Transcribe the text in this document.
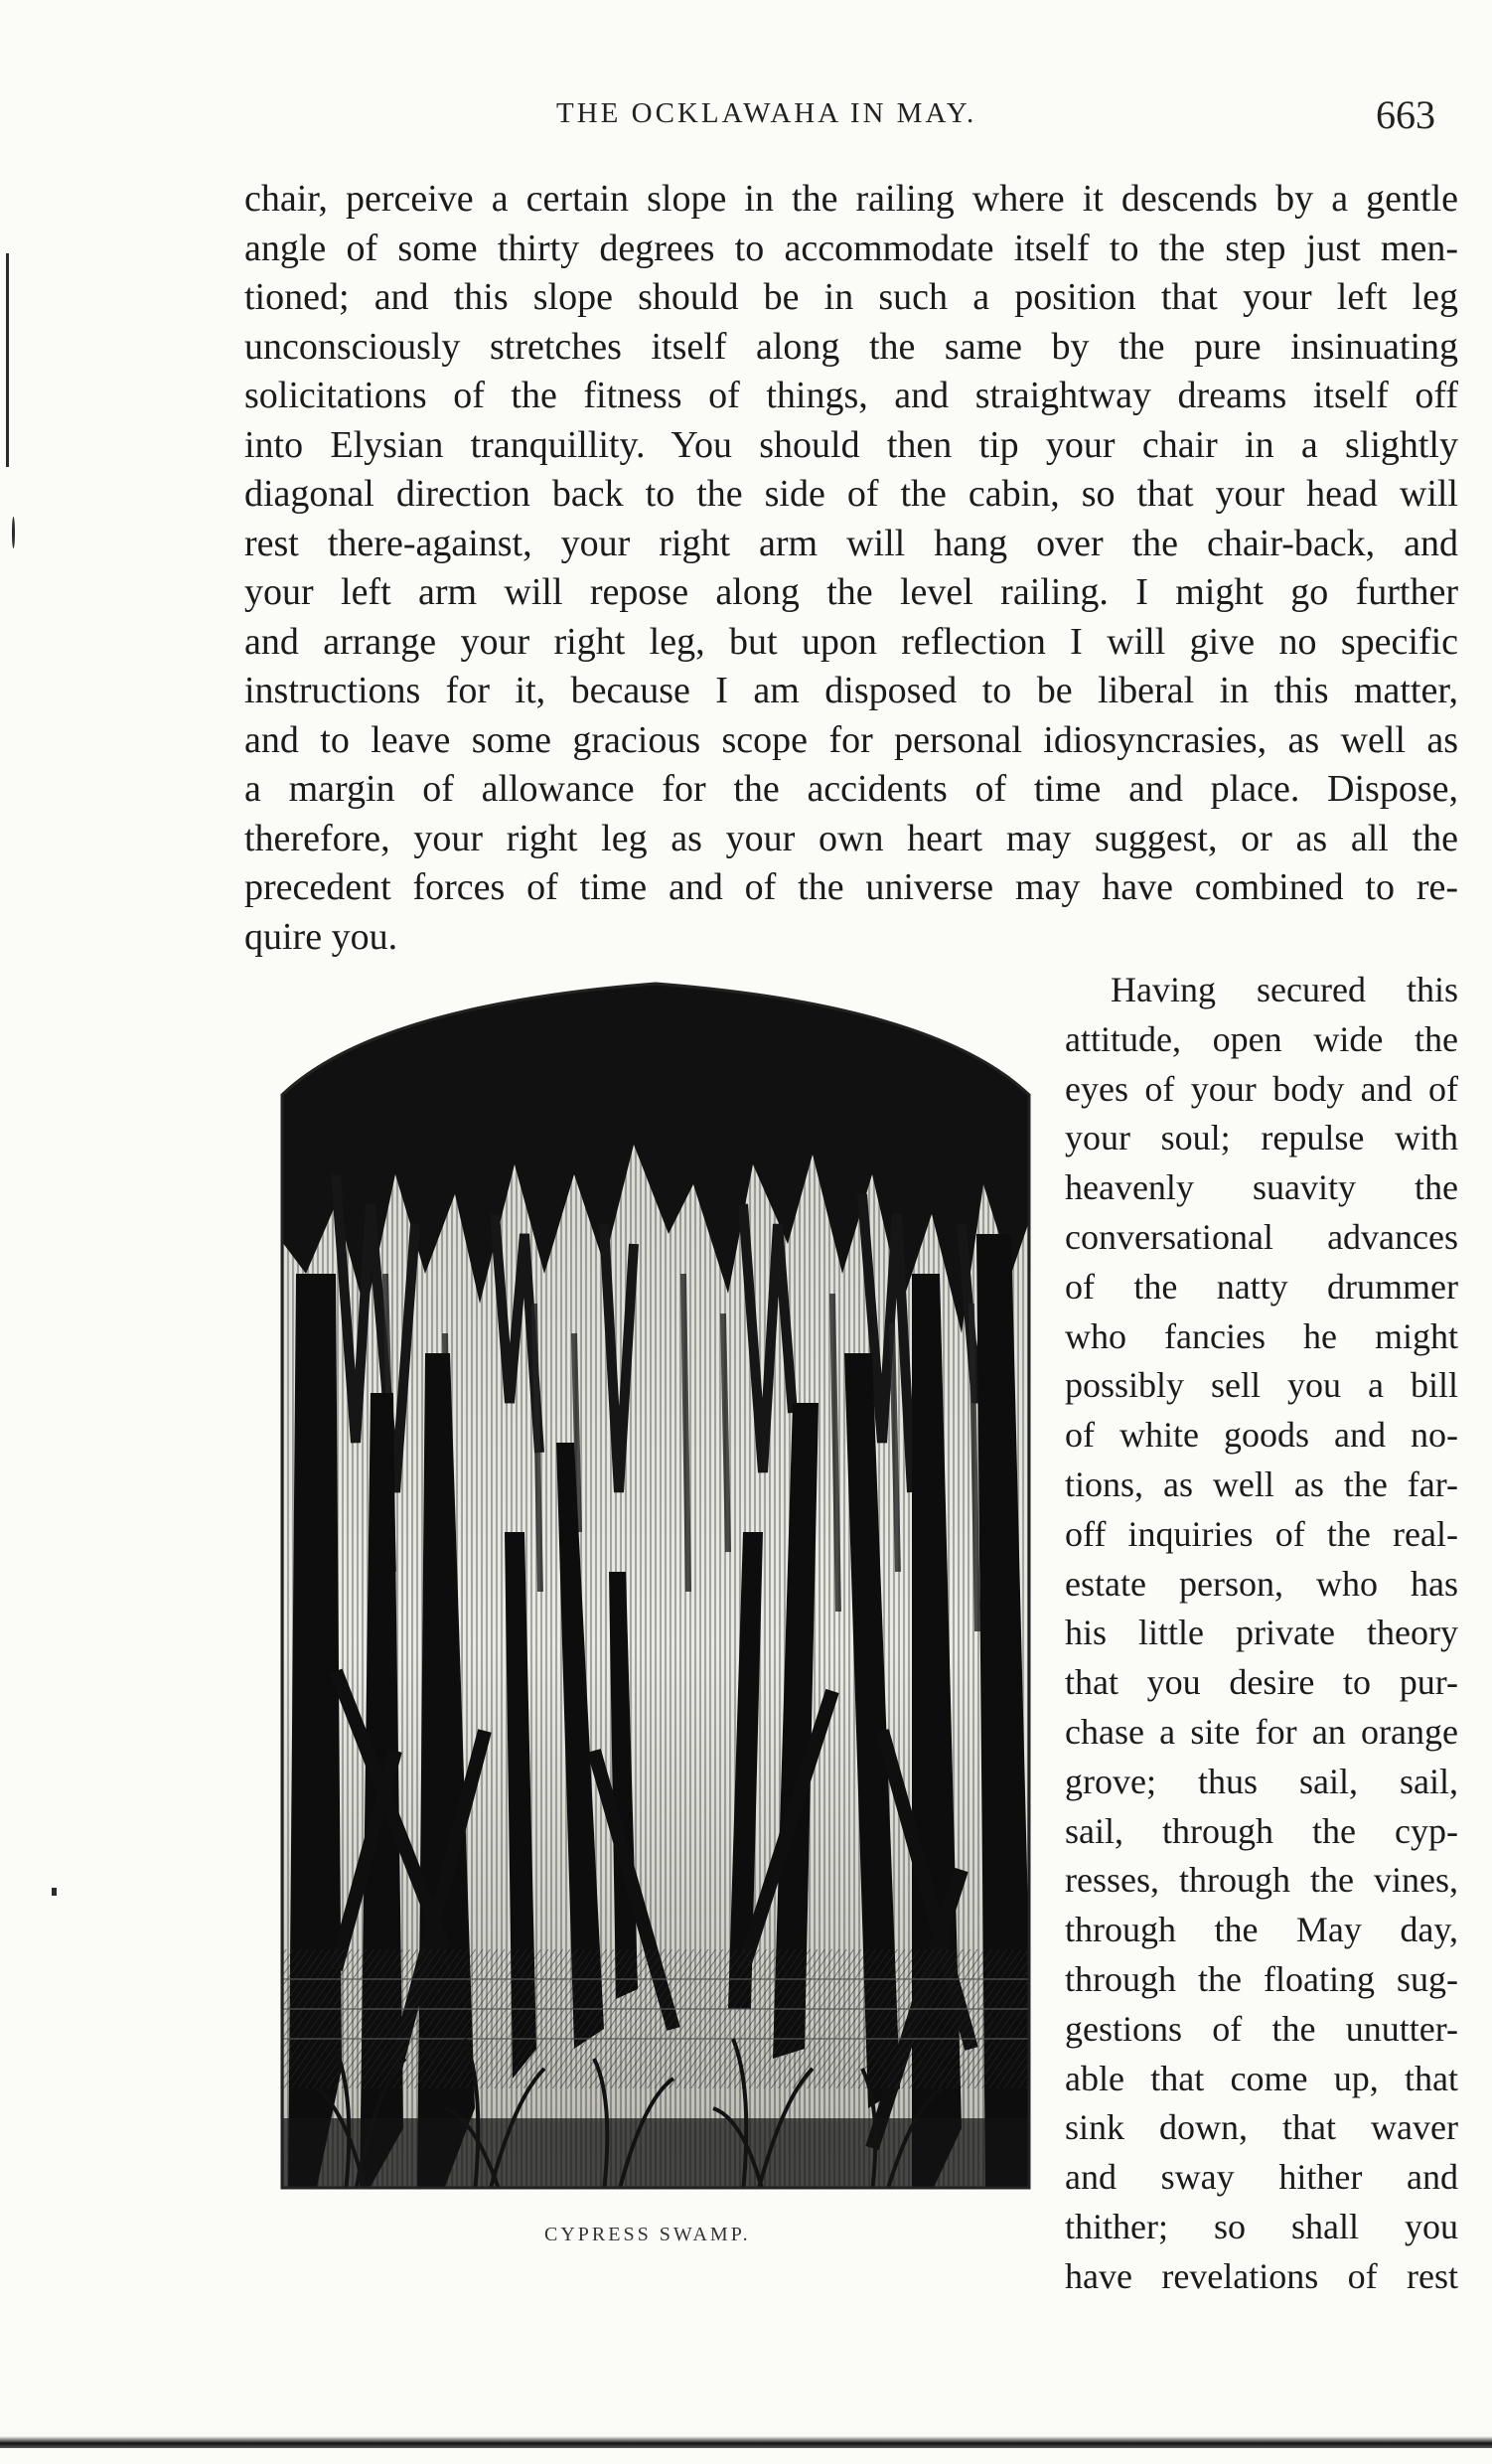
THE OCKLAWAHA IN MAY.	663
chair, perceive a certain slope in the railing where it descends by a gentle
angle of some thirty degrees to accommodate itself to the step just men-
tioned; and this slope should be in such a position that your left leg
unconsciously stretches itself along the same by the pure insinuating
solicitations of the fitness of things, and straightway dreams itself off
into Elysian tranquillity. You should then tip your chair in a slightly
diagonal direction back to the side of the cabin, so that your head will
rest there-against, your right arm will hang over the chair-back, and
your left arm will repose along the level railing. I might go further
and arrange your right leg, but upon reflection I will give no specific
instructions for it, because I am disposed to be liberal in this matter,
and to leave some gracious scope for personal idiosyncrasies, as well as
a margin of allowance for the accidents of time and place. Dispose,
therefore, your right leg as your own heart may suggest, or as all the
precedent forces of time and of the universe may have combined to re-
quire you.
CYPRESS SWAMP.
Having secured this
attitude, open wide the
eyes of your body and of
your soul; repulse with
heavenly suavity the
conversational advances
of the natty drummer
who fancies he might
possibly sell you a bill
of white goods and no-
tions, as well as the far-
off inquiries of the real-
estate person, who has
his little private theory
that you desire to pur-
chase a site for an orange
grove; thus sail, sail,
sail, through the cyp-
resses, through the vines,
through the May day,
through the floating sug-
gestions of the unutter-
able that come up, that
sink down, that waver
and sway hither and
thither; so shall you
have revelations of rest
